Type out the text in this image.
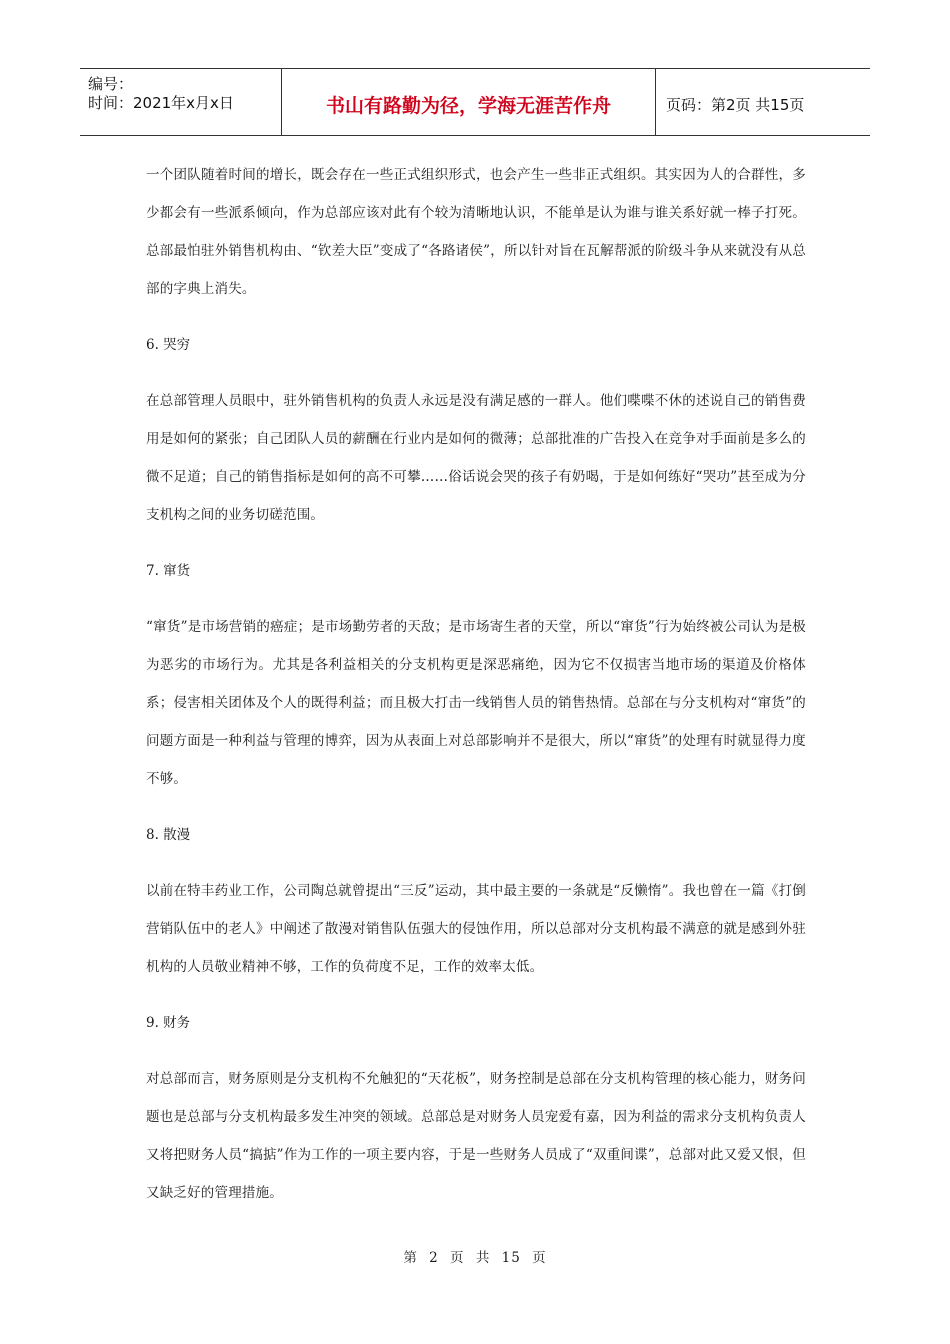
编号：
时间：2021年x月x日	书山有路勤为径，学海无涯苦作舟	页码：第2页 共15页

一个团队随着时间的增长，既会存在一些正式组织形式，也会产生一些非正式组织。其实因为人的合群性，多少都会有一些派系倾向，作为总部应该对此有个较为清晰地认识，不能单是认为谁与谁关系好就一棒子打死。总部最怕驻外销售机构由、“钦差大臣”变成了“各路诸侯”，所以针对旨在瓦解帮派的阶级斗争从来就没有从总部的字典上消失。

6. 哭穷

在总部管理人员眼中，驻外销售机构的负责人永远是没有满足感的一群人。他们喋喋不休的述说自己的销售费用是如何的紧张；自己团队人员的薪酬在行业内是如何的微薄；总部批准的广告投入在竞争对手面前是多么的微不足道；自己的销售指标是如何的高不可攀……俗话说会哭的孩子有奶喝，于是如何练好“哭功”甚至成为分支机构之间的业务切磋范围。

7. 窜货

“窜货”是市场营销的癌症；是市场勤劳者的天敌；是市场寄生者的天堂，所以“窜货”行为始终被公司认为是极为恶劣的市场行为。尤其是各利益相关的分支机构更是深恶痛绝，因为它不仅损害当地市场的渠道及价格体系；侵害相关团体及个人的既得利益；而且极大打击一线销售人员的销售热情。总部在与分支机构对“窜货”的问题方面是一种利益与管理的博弈，因为从表面上对总部影响并不是很大，所以“窜货”的处理有时就显得力度不够。

8. 散漫

以前在特丰药业工作，公司陶总就曾提出“三反”运动，其中最主要的一条就是“反懒惰”。我也曾在一篇《打倒营销队伍中的老人》中阐述了散漫对销售队伍强大的侵蚀作用，所以总部对分支机构最不满意的就是感到外驻机构的人员敬业精神不够，工作的负荷度不足，工作的效率太低。

9. 财务

对总部而言，财务原则是分支机构不允触犯的“天花板”，财务控制是总部在分支机构管理的核心能力，财务问题也是总部与分支机构最多发生冲突的领域。总部总是对财务人员宠爱有嘉，因为利益的需求分支机构负责人又将把财务人员“搞掂”作为工作的一项主要内容，于是一些财务人员成了“双重间谍”，总部对此又爱又恨，但又缺乏好的管理措施。

第 2 页 共 15 页
